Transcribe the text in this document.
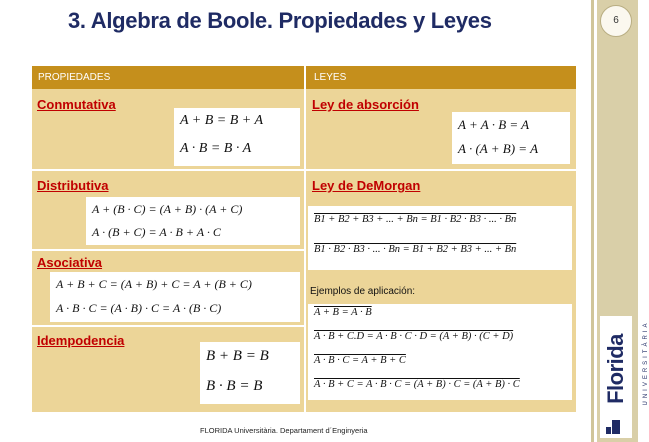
6
Florida	UNIVERSITÀRIA
3. Algebra de Boole. Propiedades y Leyes
PROPIEDADES	LEYES
Conmutativa
A + B = B + A
A · B = B · A
Distributiva
A + (B · C) = (A + B) · (A + C)
A · (B + C) = A · B + A · C
Asociativa
A + B + C = (A + B) + C = A + (B + C)
A · B · C = (A · B) · C = A · (B · C)
Idempodencia
B + B = B
B · B = B
Ley de absorción
A + A · B = A
A · (A + B) = A
Ley de DeMorgan
B1 + B2 + B3 + ... + Bn = B1 · B2 · B3 · ... · Bn
B1 · B2 · B3 · ... · Bn = B1 + B2 + B3 + ... + Bn
Ejemplos de aplicación:
A + B = A · B
A · B + C.D = A · B · C · D = (A + B) · (C + D)
A · B · C = A + B + C
A · B + C = A · B · C = (A + B) · C = (A + B) · C
FLORIDA Universitària. Departament d´Enginyeria
